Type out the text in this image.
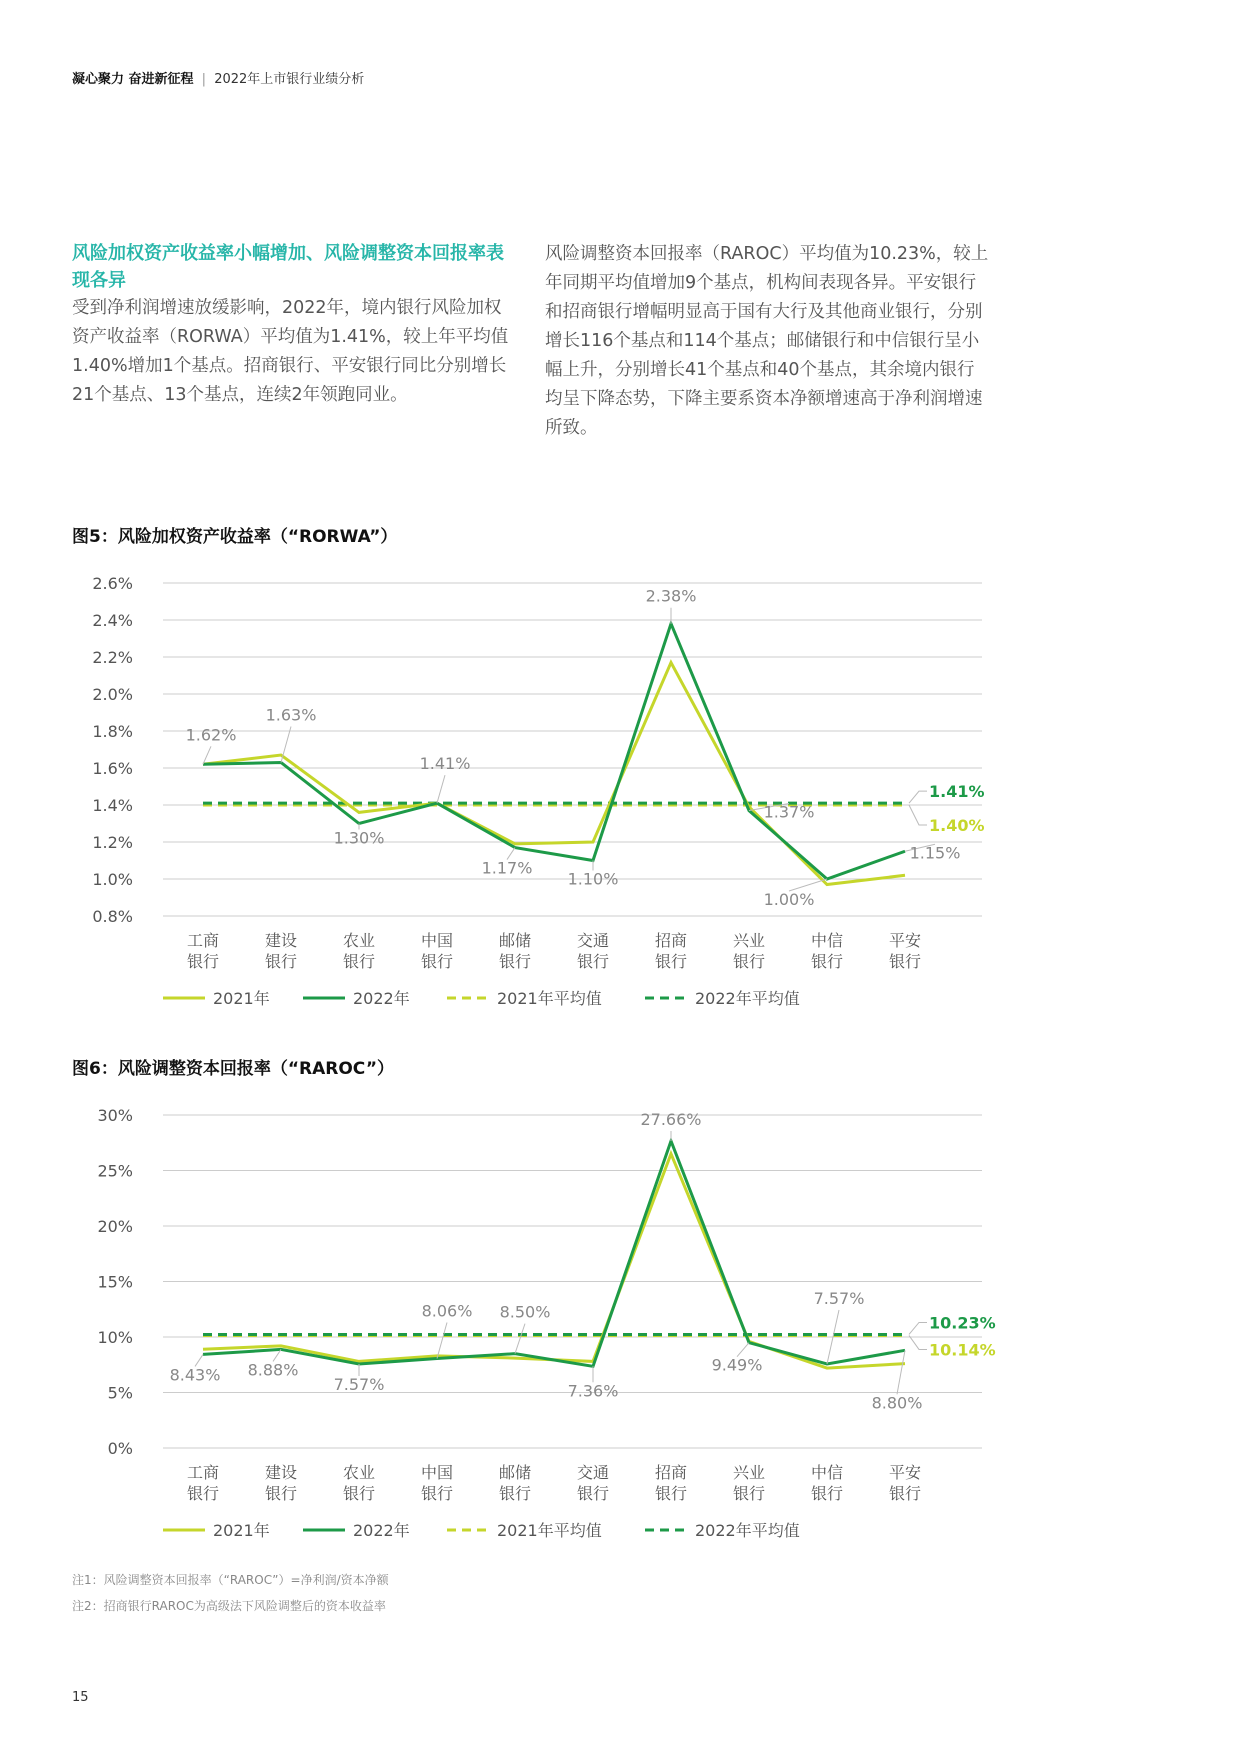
凝心聚力 奋进新征程 | 2022年上市银行业绩分析
风险加权资产收益率小幅增加、风险调整资本回报率表现各异
受到净利润增速放缓影响，2022年，境内银行风险加权资产收益率（RORWA）平均值为1.41%，较上年平均值1.40%增加1个基点。招商银行、平安银行同比分别增长21个基点、13个基点，连续2年领跑同业。
风险调整资本回报率（RAROC）平均值为10.23%，较上年同期平均值增加9个基点，机构间表现各异。平安银行和招商银行增幅明显高于国有大行及其他商业银行，分别增长116个基点和114个基点；邮储银行和中信银行呈小幅上升，分别增长41个基点和40个基点，其余境内银行均呈下降态势，下降主要系资本净额增速高于净利润增速所致。
图5：风险加权资产收益率（“RORWA”）
0.8%
1.0%
1.2%
1.4%
1.6%
1.8%
2.0%
2.2%
2.4%
2.6%
工商
银行
建设
银行
农业
银行
中国
银行
邮储
银行
交通
银行
招商
银行
兴业
银行
中信
银行
平安
银行
1.62%
1.63%
1.30%
1.41%
1.17%
1.10%
2.38%
1.37%
1.00%
1.15%
1.41%
1.40%
2021年	2022年	2021年平均值	2022年平均值
图6：风险调整资本回报率（“RAROC”）
0%
5%
10%
15%
20%
25%
30%
工商
银行
建设
银行
农业
银行
中国
银行
邮储
银行
交通
银行
招商
银行
兴业
银行
中信
银行
平安
银行
8.43% 8.88%
7.57%
8.06% 8.50%
7.36%
27.66%
9.49%
7.57%
8.80%
10.23%
10.14%
2021年	2022年	2021年平均值	2022年平均值
注1：风险调整资本回报率（“RAROC”）=净利润/资本净额
注2：招商银行RAROC为高级法下风险调整后的资本收益率
15
